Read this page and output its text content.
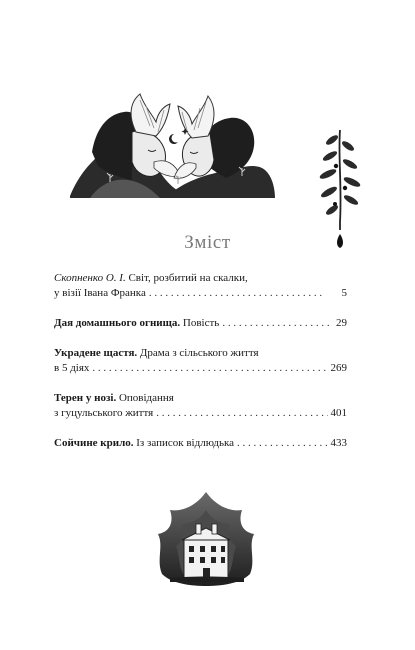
Зміст
Скопненко О. І. Світ, розбитий на скалки,
у візії Івана Франка . . .	5
Дая домашнього огнища. Повість . . .	29
Украдене щастя. Драма з сільського життя
в 5 діях . . .	269
Терен у нозі. Оповідання
з гуцульського життя . . .	401
Сойчине крило. Із записок відлюдька . . .	433
